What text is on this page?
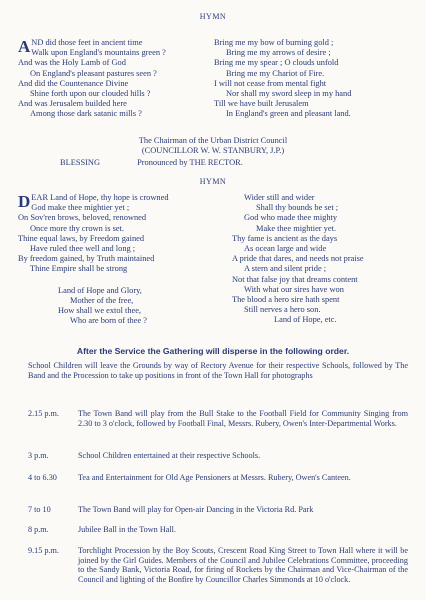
HYMN

A ND did those feet in ancient time

Walk upon England's mountains green ?

And was the Holy Lamb of God

On England's pleasant pastures seen ?

And did the Countenance Divine

Shine forth upon our clouded hills ?

And was Jerusalem builded here

Among those dark satanic mills ?

Bring me my bow of burning gold ;

Bring me my arrows of desire ;

Bring me my spear ; O clouds unfold

Bring me my Chariot of Fire.

I will not cease from mental fight

Nor shall my sword sleep in my hand

Till we have built Jerusalem

In England's green and pleasant land.

The Chairman of the Urban District Council
(COUNCILLOR W. W. STANBURY, J.P.)
BLESSING	Pronounced by THE RECTOR.

HYMN

D EAR Land of Hope, thy hope is crowned

God make thee mightier yet ;

On Sov'ren brows, beloved, renowned

Once more thy crown is set.

Thine equal laws, by Freedom gained

Have ruled thee well and long ;

By freedom gained, by Truth maintained

Thine Empire shall be strong

Land of Hope and Glory,

Mother of the free,

How shall we extol thee,

Who are born of thee ?

Wider still and wider

Shall thy bounds be set ;

God who made thee mighty

Make thee mightier yet.

Thy fame is ancient as the days

As ocean large and wide

A pride that dares, and needs not praise

A stern and silent pride ;

Not that false joy that dreams content

With what our sires have won

The blood a hero sire hath spent

Still nerves a hero son.

Land of Hope, etc.

After the Service the Gathering will disperse in the following order.

School Children will leave the Grounds by way of Rectory Avenue for their respective Schools, followed by The Band and the Procession to take up positions in front of the Town Hall for photographs

2.15 p.m.	The Town Band will play from the Bull Stake to the Football Field for Community Singing from 2.30 to 3 o'clock, followed by Football Final, Messrs. Rubery, Owen's Inter-Departmental Works.
3 p.m.	School Children entertained at their respective Schools.
4 to 6.30	Tea and Entertainment for Old Age Pensioners at Messrs. Rubery, Owen's Canteen.
7 to 10	The Town Band will play for Open-air Dancing in the Victoria Rd. Park
8 p.m.	Jubilee Ball in the Town Hall.
9.15 p.m.	Torchlight Procession by the Boy Scouts, Crescent Road King Street to Town Hall where it will be joined by the Girl Guides. Members of the Council and Jubilee Celebrations Committee, proceeding to the Sandy Bank, Victoria Road, for firing of Rockets by the Chairman and Vice-Chairman of the Council and lighting of the Bonfire by Councillor Charles Simmonds at 10 o'clock.
